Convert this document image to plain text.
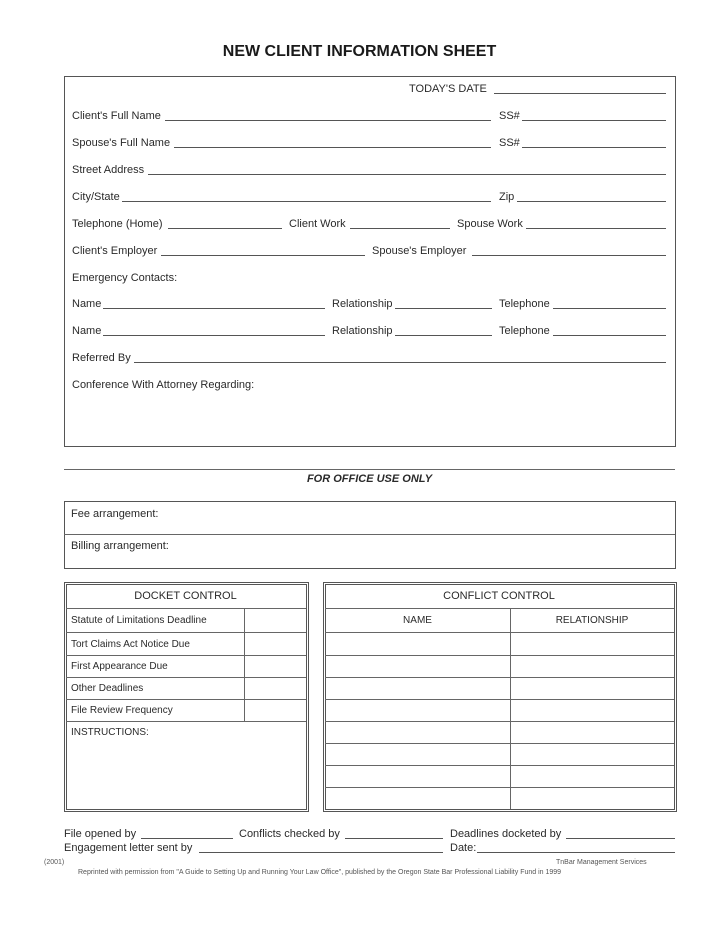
NEW CLIENT INFORMATION SHEET
TODAY'S DATE
Client's Full Name	SS#
Spouse's Full Name	SS#
Street Address
City/State	Zip
Telephone (Home)	Client Work	Spouse Work
Client's Employer	Spouse's Employer
Emergency Contacts:
Name	Relationship	Telephone
Name	Relationship	Telephone
Referred By
Conference With Attorney Regarding:
FOR OFFICE USE ONLY
Fee arrangement:
Billing arrangement:
DOCKET CONTROL
Statute of Limitations Deadline
Tort Claims Act Notice Due
First Appearance Due
Other Deadlines
File Review Frequency
INSTRUCTIONS:
CONFLICT CONTROL
NAME	RELATIONSHIP
File opened by	Conflicts checked by	Deadlines docketed by
Engagement letter sent by	Date:
(2001)	TnBar Management Services
Reprinted with permission from "A Guide to Setting Up and Running Your Law Office", published by the Oregon State Bar Professional Liability Fund in 1999
